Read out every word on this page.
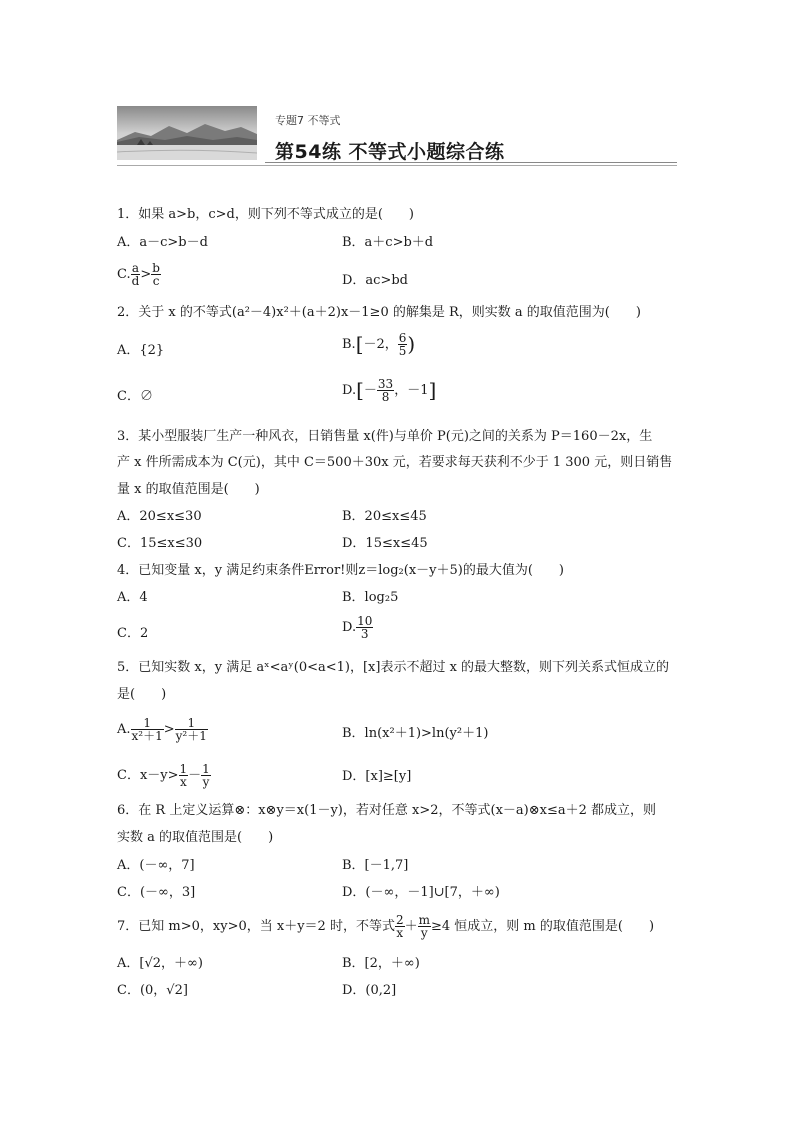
专题7 不等式
第54练 不等式小题综合练
1．如果 a>b，c>d，则下列不等式成立的是(　　)
A．a－c>b－d	B．a＋c>b＋d
C. $\frac{a}{d} > \frac{b}{c}$	D．ac>bd
2．关于 x 的不等式(a²－4)x²＋(a＋2)x－1≥0 的解集是 R，则实数 a 的取值范围为(　　)
A．{2}	B.[－2， $\frac{6}{5}$ )
C．∅	$D.[- \frac{33}{8}$ ，－1]
3．某小型服装厂生产一种风衣，日销售量 x(件)与单价 P(元)之间的关系为 P＝160－2x，生
产 x 件所需成本为 C(元)，其中 C＝500＋30x 元，若要求每天获利不少于 1 300 元，则日销售
量 x 的取值范围是(　　)
A．20≤x≤30	B．20≤x≤45
C．15≤x≤30	D．15≤x≤45
4．已知变量 x，y 满足约束条件Error!则z＝log₂(x－y＋5)的最大值为(　　)
A．4	B．log₂5
C．2	D. $\frac{10}{3}$
5．已知实数 x，y 满足 aˣ<aʸ(0<a<1)，[x]表示不超过 x 的最大整数，则下列关系式恒成立的
是(　　)
A. $\frac{1}{\text{x²＋1}} > \frac{1}{\text{y²＋1}}$	B．ln(x²＋1)>ln(y²＋1)
C．$x-y> \frac{1}{x} - \frac{1}{y}$	D．[x]≥[y]
6．在 R 上定义运算⊗：x⊗y＝x(1－y)，若对任意 x>2，不等式(x－a)⊗x≤a＋2 都成立，则
实数 a 的取值范围是(　　)
A．(－∞，7]	B．[－1,7]
C．(－∞，3]	D．(－∞，－1]∪[7，＋∞)
7．已知 m>0，xy>0，当 x＋y＝2 时，不等式 $\frac{2}{x} + \frac{m}{y} \ge 4$ 恒成立，则 m 的取值范围是(　　)
A．[√2，＋∞)	B．[2，＋∞)
C．(0，√2]	D．(0,2]
